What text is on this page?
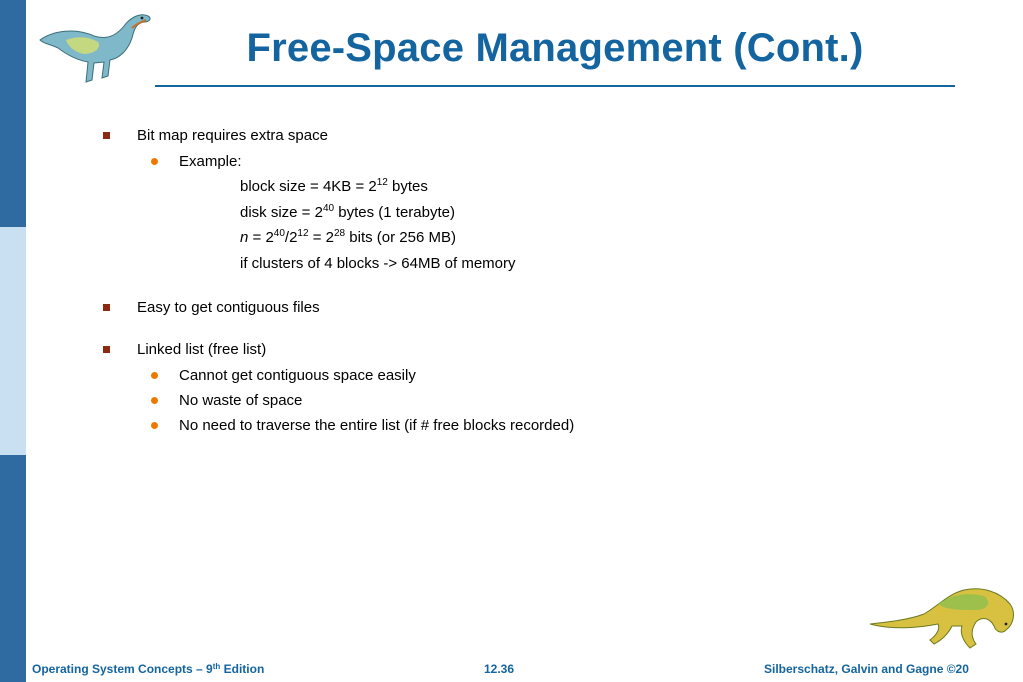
Free-Space Management (Cont.)
Bit map requires extra space
Example:
block size = $4KB = 2^{12}$ bytes
disk size = $2^{40}$ bytes (1 terabyte)
$n = 2^{40}/2^{12} = 2^{28}$ bits (or 256 MB)
if clusters of 4 blocks -> 64MB of memory
Easy to get contiguous files
Linked list (free list)
Cannot get contiguous space easily
No waste of space
No need to traverse the entire list (if # free blocks recorded)
Operating System Concepts – 9th Edition	12.36	Silberschatz, Galvin and Gagne ©20
